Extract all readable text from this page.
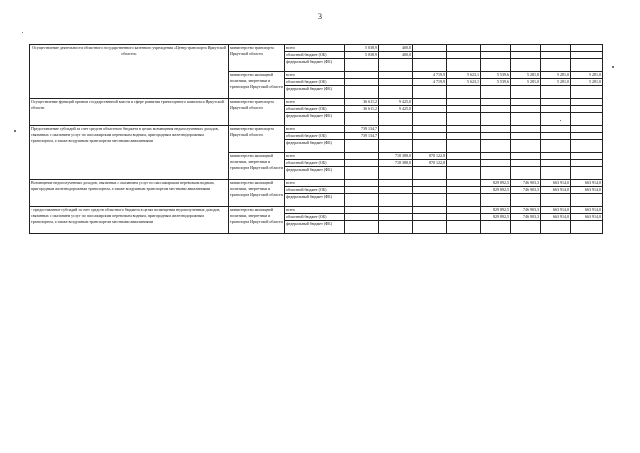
3
Осуществление деятельности областного государственного казенного учреждения «Центр транспорта Иркутской области»	министерство транспорта Иркутской области	всего	5 038,9	400,0						
		областной бюджет (ОБ)	5 038,9	400,0						
		федеральный бюджет (ФБ)								
	министерство жилищной политики, энергетики и транспорта Иркутской области	всего			4 719,9	5 623,1	5 539,6	5 281,0	5 281,0	5 281,0
		областной бюджет (ОБ)			4 719,9	5 623,1	5 539,6	5 281,0	5 281,0	5 281,0
		федеральный бюджет (ФБ)								
Осуществление функций органов государственной власти в сфере развития транспортного комплекса Иркутской области	министерство транспорта Иркутской области	всего	36 611,2	9 425,0						
		областной бюджет (ОБ)	36 611,2	9 425,0						
		федеральный бюджет (ФБ)								
Предоставление субсидий за счет средств областного бюджета в целях возмещения недополученных доходов, связанных с оказанием услуг по пассажирским перевозкам водным, пригородным железнодорожным транспортом, а также воздушным транспортом местными авиалиниями	министерство транспорта Иркутской области	всего	739 134,7							
		областной бюджет (ОБ)	739 134,7							
		федеральный бюджет (ФБ)								
	министерство жилищной политики, энергетики и транспорта Иркутской области	всего		718 388,0	870 122,8					
		областной бюджет (ОБ)		718 388,0	870 122,8					
		федеральный бюджет (ФБ)								
Возмещение недополученных доходов, связанных с оказанием услуг по пассажирским перевозкам водным, пригородным железнодорожным транспортом, а также воздушным транспортом местными авиалиниями	министерство жилищной политики, энергетики и транспорта Иркутской области	всего					829 892,5	746 903,3	663 914,0	663 914,0
		областной бюджет (ОБ)					829 892,5	746 903,3	663 914,0	663 914,0
		федеральный бюджет (ФБ)								
- предоставление субсидий за счет средств областного бюджета в целях возмещения недополученных доходов, связанных с оказанием услуг по пассажирским перевозкам водным, пригородным железнодорожным транспортом, а также воздушным транспортом местными авиалиниями	министерство жилищной политики, энергетики и транспорта Иркутской области	всего					829 892,5	746 903,3	663 914,0	663 914,0
		областной бюджет (ОБ)					829 892,5	746 903,3	663 914,0	663 914,0
		федеральный бюджет (ФБ)								
